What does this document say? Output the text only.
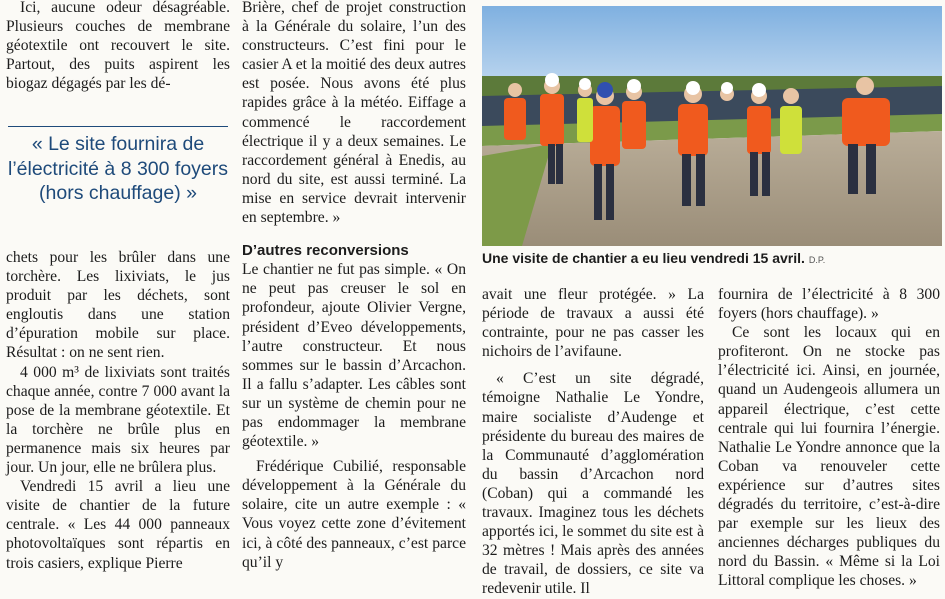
Ici, aucune odeur désagréable. Plusieurs couches de membrane géotextile ont recouvert le site. Partout, des puits aspirent les biogaz dégagés par les dé-

« Le site fournira de l’électricité à 8 300 foyers (hors chauffage) »

chets pour les brûler dans une torchère. Les lixiviats, le jus produit par les déchets, sont engloutis dans une station d’épuration mobile sur place. Résultat : on ne sent rien.

4 000 m³ de lixiviats sont traités chaque année, contre 7 000 avant la pose de la membrane géotextile. Et la torchère ne brûle plus en permanence mais six heures par jour. Un jour, elle ne brûlera plus.

Vendredi 15 avril a lieu une visite de chantier de la future centrale. « Les 44 000 panneaux photovoltaïques sont répartis en trois casiers, explique Pierre

Brière, chef de projet construction à la Générale du solaire, l’un des constructeurs. C’est fini pour le casier A et la moitié des deux autres est posée. Nous avons été plus rapides grâce à la météo. Eiffage a commencé le raccordement électrique il y a deux semaines. Le raccordement général à Enedis, au nord du site, est aussi terminé. La mise en service devrait intervenir en septembre. »

D’autres reconversions

Le chantier ne fut pas simple. « On ne peut pas creuser le sol en profondeur, ajoute Olivier Vergne, président d’Eveo développements, l’autre constructeur. Et nous sommes sur le bassin d’Arcachon. Il a fallu s’adapter. Les câbles sont sur un système de chemin pour ne pas endommager la membrane géotextile. »

Frédérique Cubilié, responsable développement à la Générale du solaire, cite un autre exemple : « Vous voyez cette zone d’évitement ici, à côté des panneaux, c’est parce qu’il y

Une visite de chantier a eu lieu vendredi 15 avril. D.P.

avait une fleur protégée. » La période de travaux a aussi été contrainte, pour ne pas casser les nichoirs de l’avifaune.

« C’est un site dégradé, témoigne Nathalie Le Yondre, maire socialiste d’Audenge et présidente du bureau des maires de la Communauté d’agglomération du bassin d’Arcachon nord (Coban) qui a commandé les travaux. Imaginez tous les déchets apportés ici, le sommet du site est à 32 mètres ! Mais après des années de travail, de dossiers, ce site va redevenir utile. Il

fournira de l’électricité à 8 300 foyers (hors chauffage). »

Ce sont les locaux qui en profiteront. On ne stocke pas l’électricité ici. Ainsi, en journée, quand un Audengeois allumera un appareil électrique, c’est cette centrale qui lui fournira l’énergie. Nathalie Le Yondre annonce que la Coban va renouveler cette expérience sur d’autres sites dégradés du territoire, c’est-à-dire par exemple sur les lieux des anciennes décharges publiques du nord du Bassin. « Même si la Loi Littoral complique les choses. »
